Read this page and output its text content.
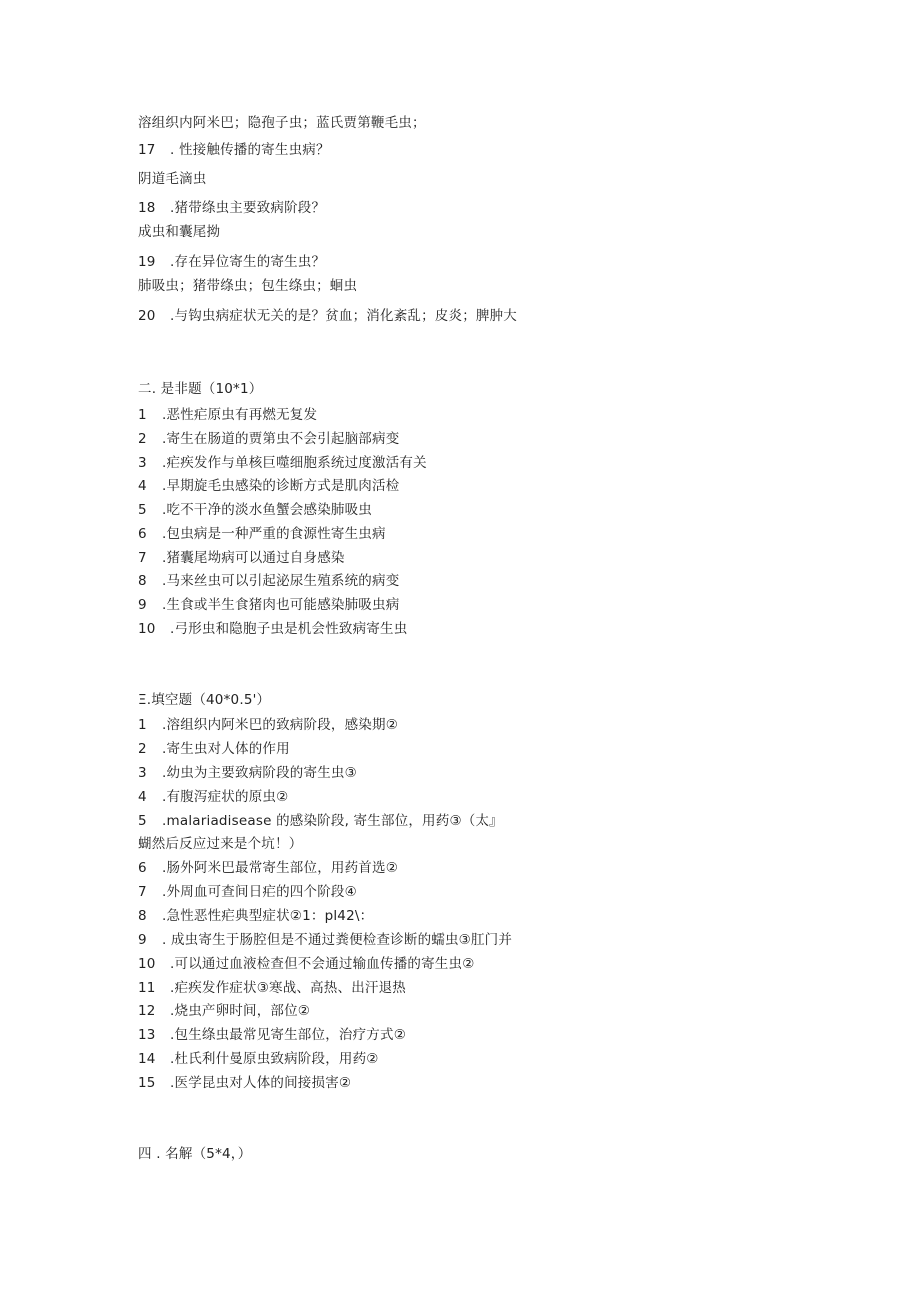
溶组织内阿米巴；隐孢子虫；蓝氏贾第鞭毛虫；
17 . 性接触传播的寄生虫病？
阴道毛滴虫
18 .猪带绦虫主要致病阶段？
成虫和囊尾拗
19 .存在异位寄生的寄生虫？
肺吸虫；猪带绦虫；包生绦虫；蛔虫
20 .与钩虫病症状无关的是？贫血；消化紊乱；皮炎；脾肿大
二. 是非题（10*1）
1 .恶性疟原虫有再燃无复发
2 .寄生在肠道的贾第虫不会引起脑部病变
3 .疟疾发作与单核巨噬细胞系统过度激活有关
4 .早期旋毛虫感染的诊断方式是肌肉活检
5 .吃不干净的淡水鱼蟹会感染肺吸虫
6 .包虫病是一种严重的食源性寄生虫病
7 .猪囊尾坳病可以通过自身感染
8 .马来丝虫可以引起泌尿生殖系统的病变
9 .生食或半生食猪肉也可能感染肺吸虫病
10 .弓形虫和隐胞子虫是机会性致病寄生虫
Ξ.填空题（40*0.5'）
1 .溶组织内阿米巴的致病阶段，感染期②
2 .寄生虫对人体的作用
3 .幼虫为主要致病阶段的寄生虫③
4 .有腹泻症状的原虫②
5 .malariadisease 的感染阶段, 寄生部位，用药③（太』
蝴然后反应过来是个坑！）
6 .肠外阿米巴最常寄生部位，用药首选②
7 .外周血可查间日疟的四个阶段④
8 .急性恶性疟典型症状②1：pl42\：
9 . 成虫寄生于肠腔但是不通过粪便检查诊断的蠕虫③肛门并
10 .可以通过血液检查但不会通过输血传播的寄生虫②
11 .疟疾发作症状③寒战、高热、出汗退热
12 .烧虫产卵时间，部位②
13 .包生绦虫最常见寄生部位，治疗方式②
14 .杜氏利什曼原虫致病阶段，用药②
15 .医学昆虫对人体的间接损害②
四 . 名解（5*4，）
